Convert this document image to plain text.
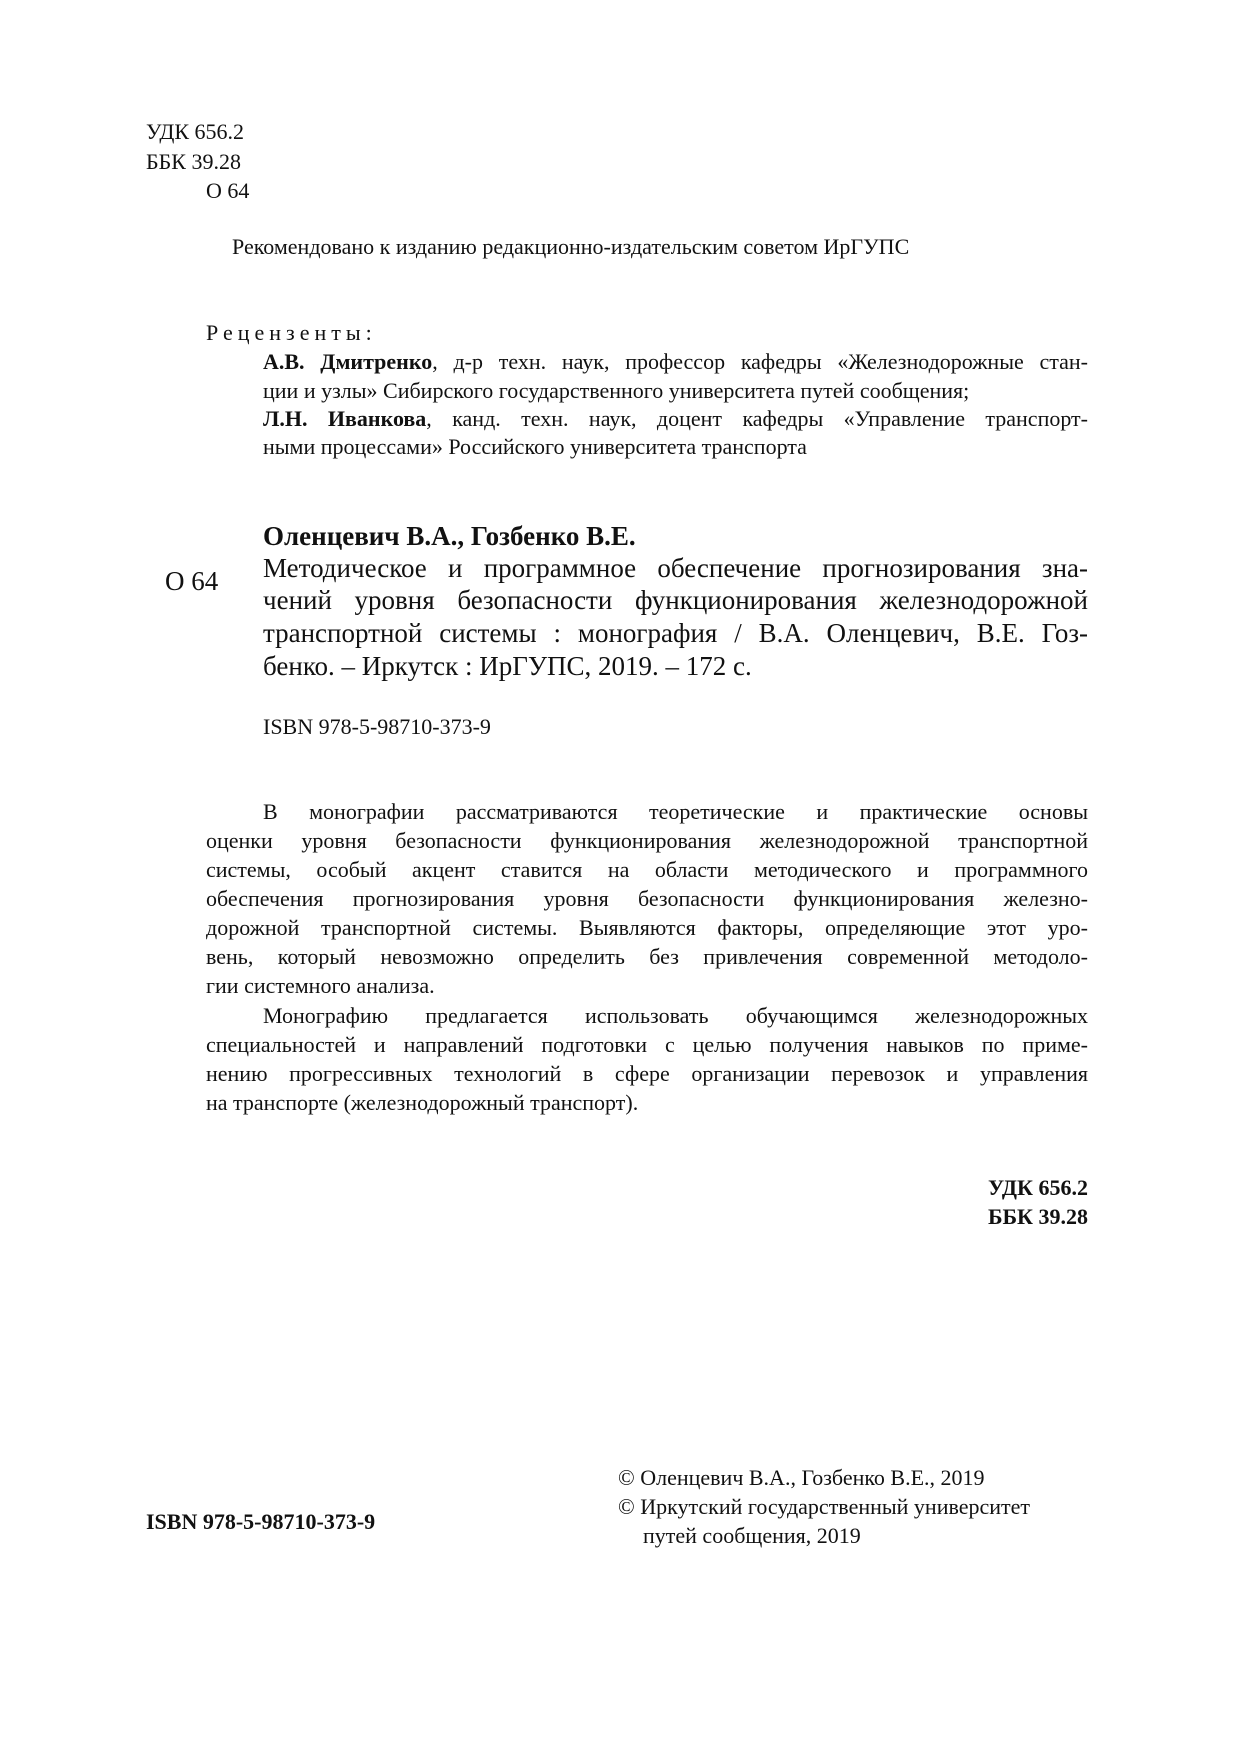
УДК 656.2
ББК 39.28
О 64
Рекомендовано к изданию редакционно-издательским советом ИрГУПС
Рецензенты:
А.В. Дмитренко, д-р техн. наук, профессор кафедры «Железнодорожные стан-
ции и узлы» Сибирского государственного университета путей сообщения;
Л.Н. Иванкова, канд. техн. наук, доцент кафедры «Управление транспорт-
ными процессами» Российского университета транспорта
Оленцевич В.А., Гозбенко В.Е.
О 64 Методическое и программное обеспечение прогнозирования зна-
чений уровня безопасности функционирования железнодорожной
транспортной системы : монография / В.А. Оленцевич, В.Е. Гоз-
бенко. – Иркутск : ИрГУПС, 2019. – 172 с.
ISBN 978-5-98710-373-9
В монографии рассматриваются теоретические и практические основы
оценки уровня безопасности функционирования железнодорожной транспортной
системы, особый акцент ставится на области методического и программного
обеспечения прогнозирования уровня безопасности функционирования железно-
дорожной транспортной системы. Выявляются факторы, определяющие этот уро-
вень, который невозможно определить без привлечения современной методоло-
гии системного анализа.
Монографию предлагается использовать обучающимся железнодорожных
специальностей и направлений подготовки с целью получения навыков по приме-
нению прогрессивных технологий в сфере организации перевозок и управления
на транспорте (железнодорожный транспорт).
УДК 656.2
ББК 39.28
© Оленцевич В.А., Гозбенко В.Е., 2019
© Иркутский государственный университет
путей сообщения, 2019
ISBN 978-5-98710-373-9
